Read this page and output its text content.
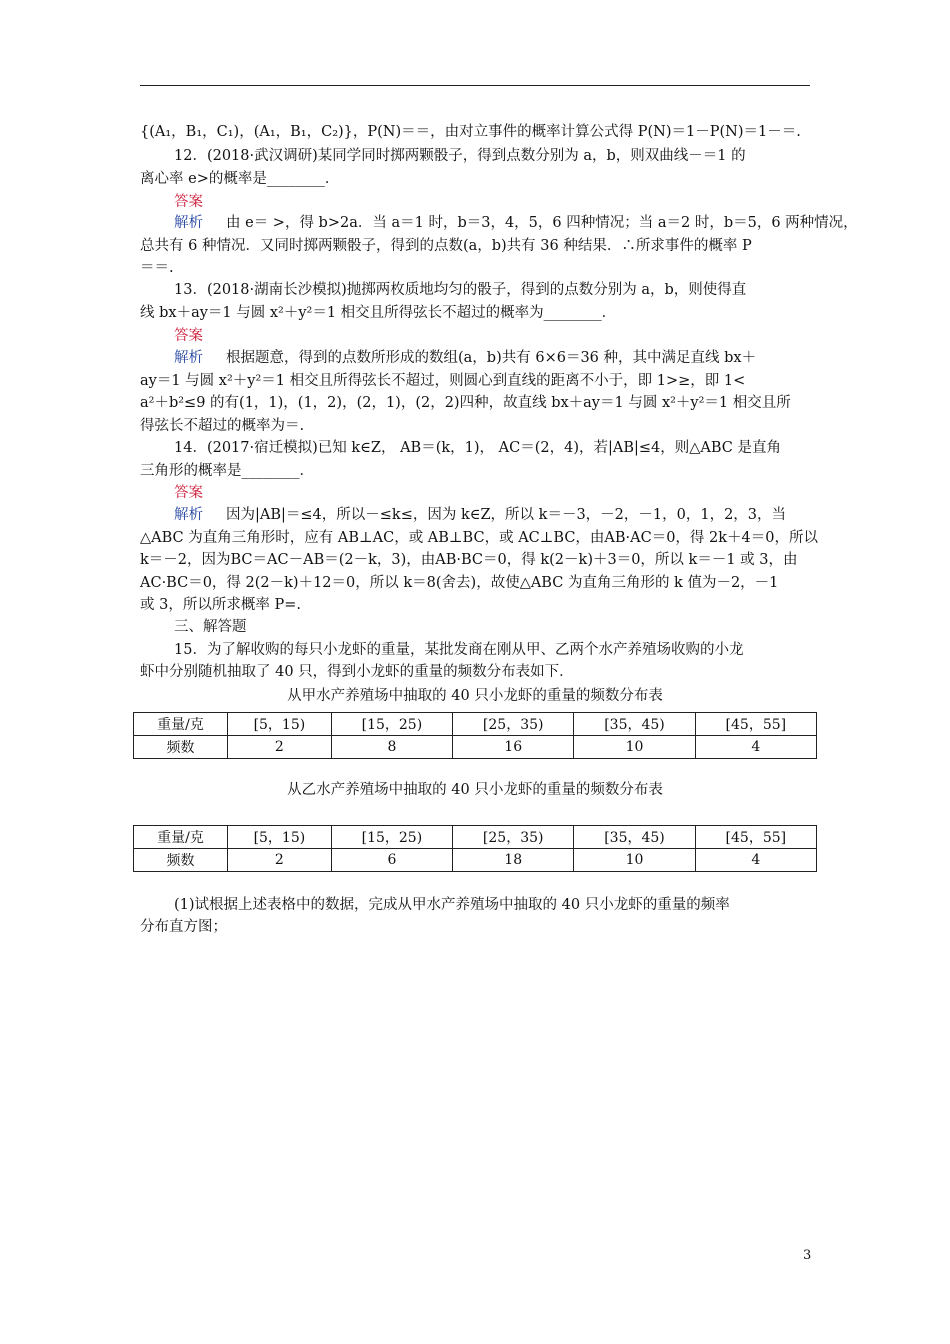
{(A₁，B₁，C₁)，(A₁，B₁，C₂)}，P(N)＝＝，由对立事件的概率计算公式得 P(N)＝1－P(N)＝1－＝.
12．(2018·武汉调研)某同学同时掷两颗骰子，得到点数分别为 a，b，则双曲线－＝1 的
离心率 e>的概率是________．
答案
解析 由 e＝ >，得 b>2a．当 a＝1 时，b＝3，4，5，6 四种情况；当 a＝2 时，b＝5，6 两种情况，
总共有 6 种情况．又同时掷两颗骰子，得到的点数(a，b)共有 36 种结果．∴所求事件的概率 P
＝＝.
13．(2018·湖南长沙模拟)抛掷两枚质地均匀的骰子，得到的点数分别为 a，b，则使得直
线 bx＋ay＝1 与圆 x²＋y²＝1 相交且所得弦长不超过的概率为________．
答案
解析 根据题意，得到的点数所形成的数组(a，b)共有 6×6＝36 种，其中满足直线 bx＋
ay＝1 与圆 x²＋y²＝1 相交且所得弦长不超过，则圆心到直线的距离不小于，即 1>≥，即 1<
a²＋b²≤9 的有(1，1)，(1，2)，(2，1)，(2，2)四种，故直线 bx＋ay＝1 与圆 x²＋y²＝1 相交且所
得弦长不超过的概率为＝.
14．(2017·宿迁模拟)已知 k∈Z， AB＝(k，1)， AC＝(2，4)，若|AB|≤4，则△ABC 是直角
三角形的概率是________．
答案
解析 因为|AB|＝≤4，所以－≤k≤，因为 k∈Z，所以 k＝－3，－2，－1，0，1，2，3，当
△ABC 为直角三角形时，应有 AB⊥AC，或 AB⊥BC，或 AC⊥BC，由AB·AC＝0，得 2k＋4＝0，所以
k＝－2，因为BC＝AC－AB＝(2－k，3)，由AB·BC＝0，得 k(2－k)＋3＝0，所以 k＝－1 或 3，由
AC·BC＝0，得 2(2－k)＋12＝0，所以 k＝8(舍去)，故使△ABC 为直角三角形的 k 值为－2，－1
或 3，所以所求概率 P=.
三、解答题
15．为了解收购的每只小龙虾的重量，某批发商在刚从甲、乙两个水产养殖场收购的小龙
虾中分别随机抽取了 40 只，得到小龙虾的重量的频数分布表如下．
从甲水产养殖场中抽取的 40 只小龙虾的重量的频数分布表
重量/克	[5，15)	[15，25)	[25，35)	[35，45)	[45，55]
频数	2	8	16	10	4
从乙水产养殖场中抽取的 40 只小龙虾的重量的频数分布表
重量/克	[5，15)	[15，25)	[25，35)	[35，45)	[45，55]
频数	2	6	18	10	4
(1)试根据上述表格中的数据，完成从甲水产养殖场中抽取的 40 只小龙虾的重量的频率
分布直方图；
3
